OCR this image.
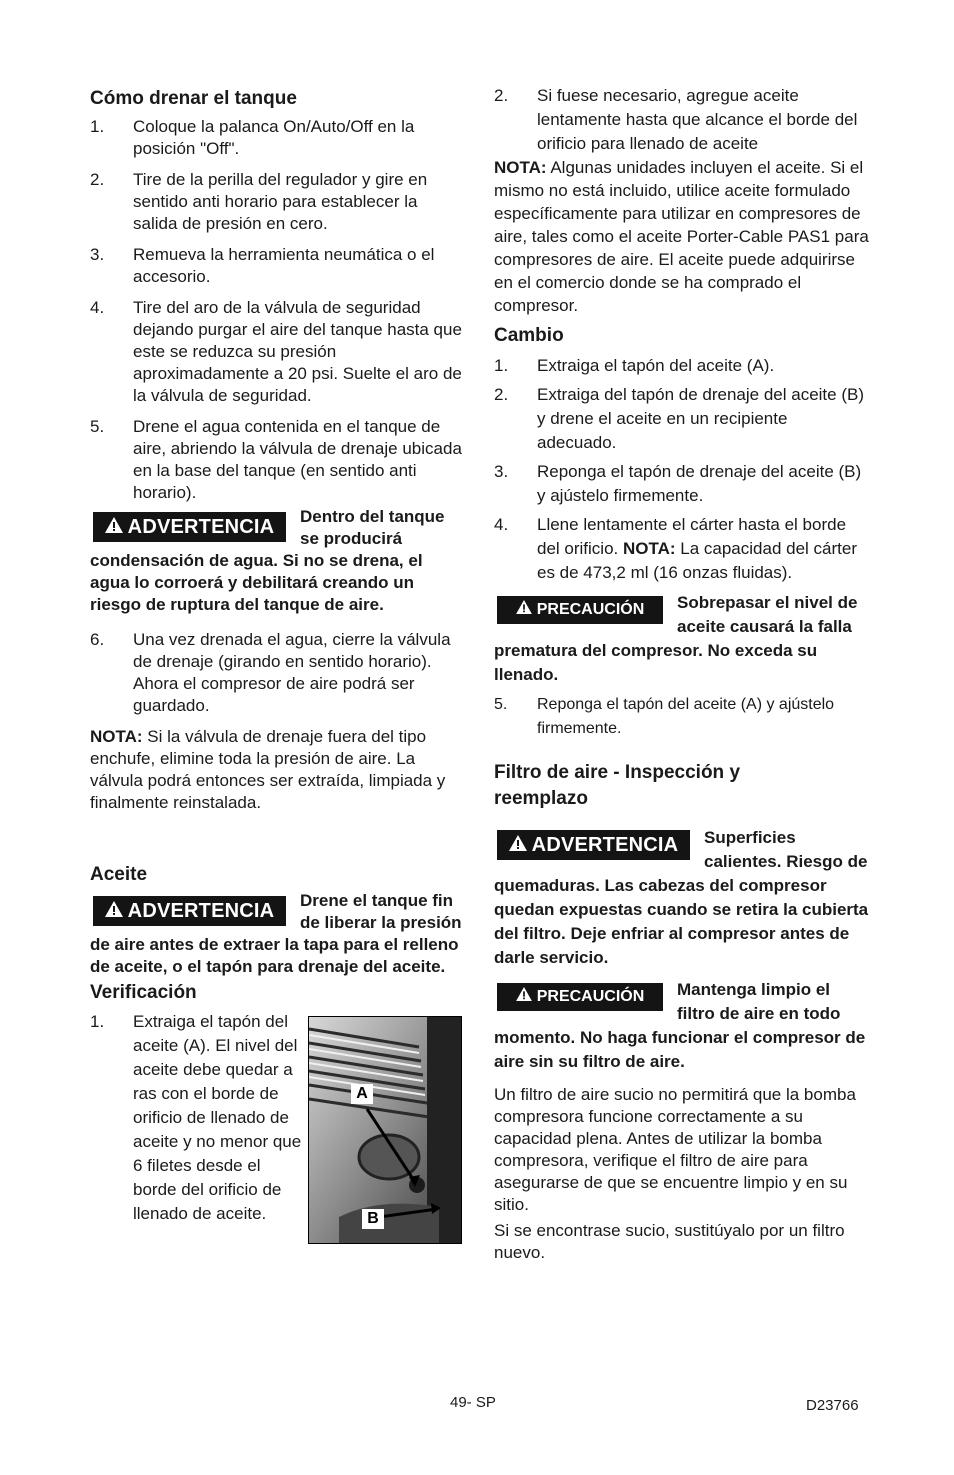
Cómo drenar el tanque
1.	Coloque la palanca On/Auto/Off en la posición "Off".
2.	Tire de la perilla del regulador y gire en sentido anti horario para establecer la salida de presión en cero.
3.	Remueva la herramienta neumática o el accesorio.
4.	Tire del aro de la válvula de seguridad dejando purgar el aire del tanque hasta que este se reduzca su presión aproximadamente a 20 psi. Suelte el aro de la válvula de seguridad.
5.	Drene el agua contenida en el tanque de aire, abriendo la válvula de drenaje ubicada en la base del tanque (en sentido anti horario).
ADVERTENCIA Dentro del tanque se producirá condensación de agua. Si no se drena, el agua lo corroerá y debilitará creando un riesgo de ruptura del tanque de aire.
6.	Una vez drenada el agua, cierre la válvula de drenaje (girando en sentido horario). Ahora el compresor de aire podrá ser guardado.

NOTA: Si la válvula de drenaje fuera del tipo enchufe, elimine toda la presión de aire. La válvula podrá entonces ser extraída, limpiada y finalmente reinstalada.

Aceite
ADVERTENCIA Drene el tanque fin de liberar la presión de aire antes de extraer la tapa para el relleno de aceite, o el tapón para drenaje del aceite.
Verificación
A
B
1.	Extraiga el tapón del aceite (A). El nivel del aceite debe quedar a ras con el borde de orificio de llenado de aceite y no menor que 6 filetes desde el borde del orificio de llenado de aceite.
2.	Si fuese necesario, agregue aceite lentamente hasta que alcance el borde del orificio para llenado de aceite

NOTA: Algunas unidades incluyen el aceite. Si el mismo no está incluido, utilice aceite formulado específicamente para utilizar en compresores de aire, tales como el aceite Porter-Cable PAS1 para compresores de aire. El aceite puede adquirirse en el comercio donde se ha comprado el compresor.

Cambio
1.	Extraiga el tapón del aceite (A).
2.	Extraiga del tapón de drenaje del aceite (B) y drene el aceite en un recipiente adecuado.
3.	Reponga el tapón de drenaje del aceite (B) y ajústelo firmemente.
4.	Llene lentamente el cárter hasta el borde del orificio. NOTA: La capacidad del cárter es de 473,2 ml (16 onzas fluidas).
PRECAUCIÓN Sobrepasar el nivel de aceite causará la falla prematura del compresor. No exceda su llenado.
5.	Reponga el tapón del aceite (A) y ajústelo firmemente.
Filtro de aire - Inspección y reemplazo
ADVERTENCIA Superficies calientes. Riesgo de quemaduras. Las cabezas del compresor quedan expuestas cuando se retira la cubierta del filtro. Deje enfriar al compresor antes de darle servicio.
PRECAUCIÓN Mantenga limpio el filtro de aire en todo momento. No haga funcionar el compresor de aire sin su filtro de aire.

Un filtro de aire sucio no permitirá que la bomba compresora funcione correctamente a su capacidad plena. Antes de utilizar la bomba compresora, verifique el filtro de aire para asegurarse de que se encuentre limpio y en su sitio.

Si se encontrase sucio, sustitúyalo por un filtro nuevo.

49- SP	D23766
